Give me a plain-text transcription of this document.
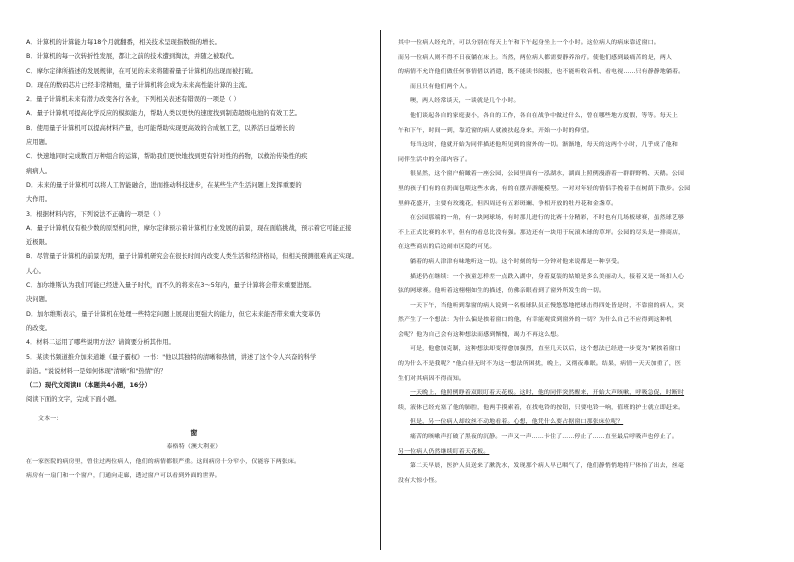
A．计算机的计算能力每18个月就翻番，相关技术呈现指数级的增长。
B．计算机的每一次转折性发展，都让之前的技术遭到淘汰，并随之被取代。
C．摩尔定律所描述的发展规律，在可见的未来将随着量子计算机的出现而被打破。
D．现在的数码芯片已经非常精细，量子计算机将会成为未来高性能计算的主流。
2．量子计算机未来有潜力改变各行各业，下列相关表述有错误的一项是（ ）
A．量子计算机可提高化学反应的模拟能力，帮助人类以更快的速度找到制造超级电池的有效工艺。
B．使用量子计算机可以提高材料产量，也可能帮助实现更高效的合成氨工艺，以养活日益增长的
应用题。
C．快速地同时完成数百万种组合的运算，帮助我们更快地找到更有针对性的药物，以救治传染性的疾
病病人。
D．未来的量子计算机可以将人工智能融合，进而推动科技进步，在某些生产生活问题上发挥重要的
大作用。
3．根据材料内容，下列说法不正确的一项是（ ）
A．量子计算机仅有极少数的原型机问世，摩尔定律预示着计算机行业发展的前景，现在面临挑战，预示着它可能正接
近极限。
B．尽管量子计算机的前景光明，量子计算机研究会在很长时间内改变人类生活和经济格局，但相关预测很难真正实现。
人心。
C．加尔维斯认为我们可能已经进入量子时代，而不久的将来在3～5年内，量子计算将会带来重要进展。
决问题。
D．加尔维斯表示，量子计算机在处理一些特定问题上展现出更强大的能力，但它未来能否带来重大变革仍
的改变。
4．材料二运用了哪些说明方法？请简要分析其作用。
5．某读书频道推介加来道雄《量子霸权》一书："他以其独特的清晰和热情，讲述了这个令人兴奋的科学
前沿。"说说材料一是如何体现"清晰"和"热情"的？
（二）现代文阅读II（本题共4小题，16分）
阅读下面的文字，完成下面小题。
文本一：
窗
泰格特（澳大利亚）
在一家医院的病房里，曾住过两位病人，他们的病情都很严重。这间病房十分窄小，仅能容下两张床。
病房有一扇门和一个窗户，门通向走廊，透过窗户可以看到外面的世界。
其中一位病人经允许，可以分别在每天上午和下午起身坐上一个小时。这位病人的病床靠近窗口。
而另一位病人则不得不日夜躺在床上。当然，两位病人都需要静养治疗。使他们感到最痛苦的是，两人
的病情不允许他们做任何事情借以消遣，既不能读书阅报，也不能听收音机、看电视……只有静静地躺着。
而且只有他们两个人。
噢，两人经常谈天，一谈就是几个小时。
他们谈起各自的家庭妻小，各自的工作，各自在战争中做过什么，曾在哪些地方度假，等等。每天上
午和下午，时间一到，靠近窗的病人就被扶起身来，开始一小时的仰望。
每当这时，他就开始为同伴描述他所见到的窗外的一切。渐渐地，每天的这两个小时，几乎成了他和
同伴生活中的全部内容了。
很显然，这个窗户俯瞰着一座公园，公园里面有一泓湖水，湖面上照例漫游着一群群野鸭、天鹅。公园
里的孩子们有的在扔面包喂这些水禽，有的在摆弄游艇模型。一对对年轻的情侣手挽着手在树荫下散步。公园
里鲜花盛开，主要有玫瑰花，但四周还有五彩斑斓、争相开放的牡丹花和金盏草。
在公园那端的一角，有一块网球场，有时那儿进行的比赛十分精彩，不时也有几场板球赛，虽然球艺够
不上正式比赛的水平，但有的看总比没有强。那边还有一块用于玩滚木球的草坪。公园的尽头是一排商店，
在这些商店的后边闹市区隐约可见。
躺着的病人津津有味地听这一切。这个时刻的每一分钟对他来说都是一种享受。
描述仍在继续：一个孩童怎样差一点跌入湖中，身着夏装的姑娘是多么美丽动人，接着又是一场扣人心
弦的网球赛。他听着这栩栩如生的描述，仿佛亲眼看到了窗外所发生的一切。
一天下午，当他听到靠窗的病人说到一名板球队员正慢悠悠地把球击得四处皆是时，不靠窗的病人，突
然产生了一个想法：为什么偏是挨着窗口的他，有幸能观赏到窗外的一切？为什么自己不应得到这种机
会呢？他为自己会有这种想法而感到惭愧，竭力不再这么想。
可是，他愈加克制，这种想法却变得愈加强烈，直至几天以后，这个想法已经进一步变为"紧挨着窗口
的为什么不是我呢？"他白昼无时不为这一想法所困扰，晚上，又彻夜难眠。结果，病情一天天加重了，医
生们对其病因不得而知。
一天晚上，他照例睁着双眼盯着天花板。这时，他的同伴突然醒来，开始大声咳嗽，呼吸急促，时断时
续，液体已经充塞了他的肺腔，他两手摸索着，在找电铃的按钮，只要电铃一响，值班的护士就立即赶来。
但是，另一位病人却纹丝不动地看着。心想，他凭什么要占据窗口那张床位呢？
痛苦的咳嗽声打破了黑夜的沉静。一声又一声……卡住了……停止了……直至最后呼吸声也停止了。
另一位病人仍然继续盯着天花板。
第二天早晨，医护人员送来了漱洗水，发现那个病人早已咽气了，他们静悄悄地将尸体抬了出去，丝毫
没有大惊小怪。
